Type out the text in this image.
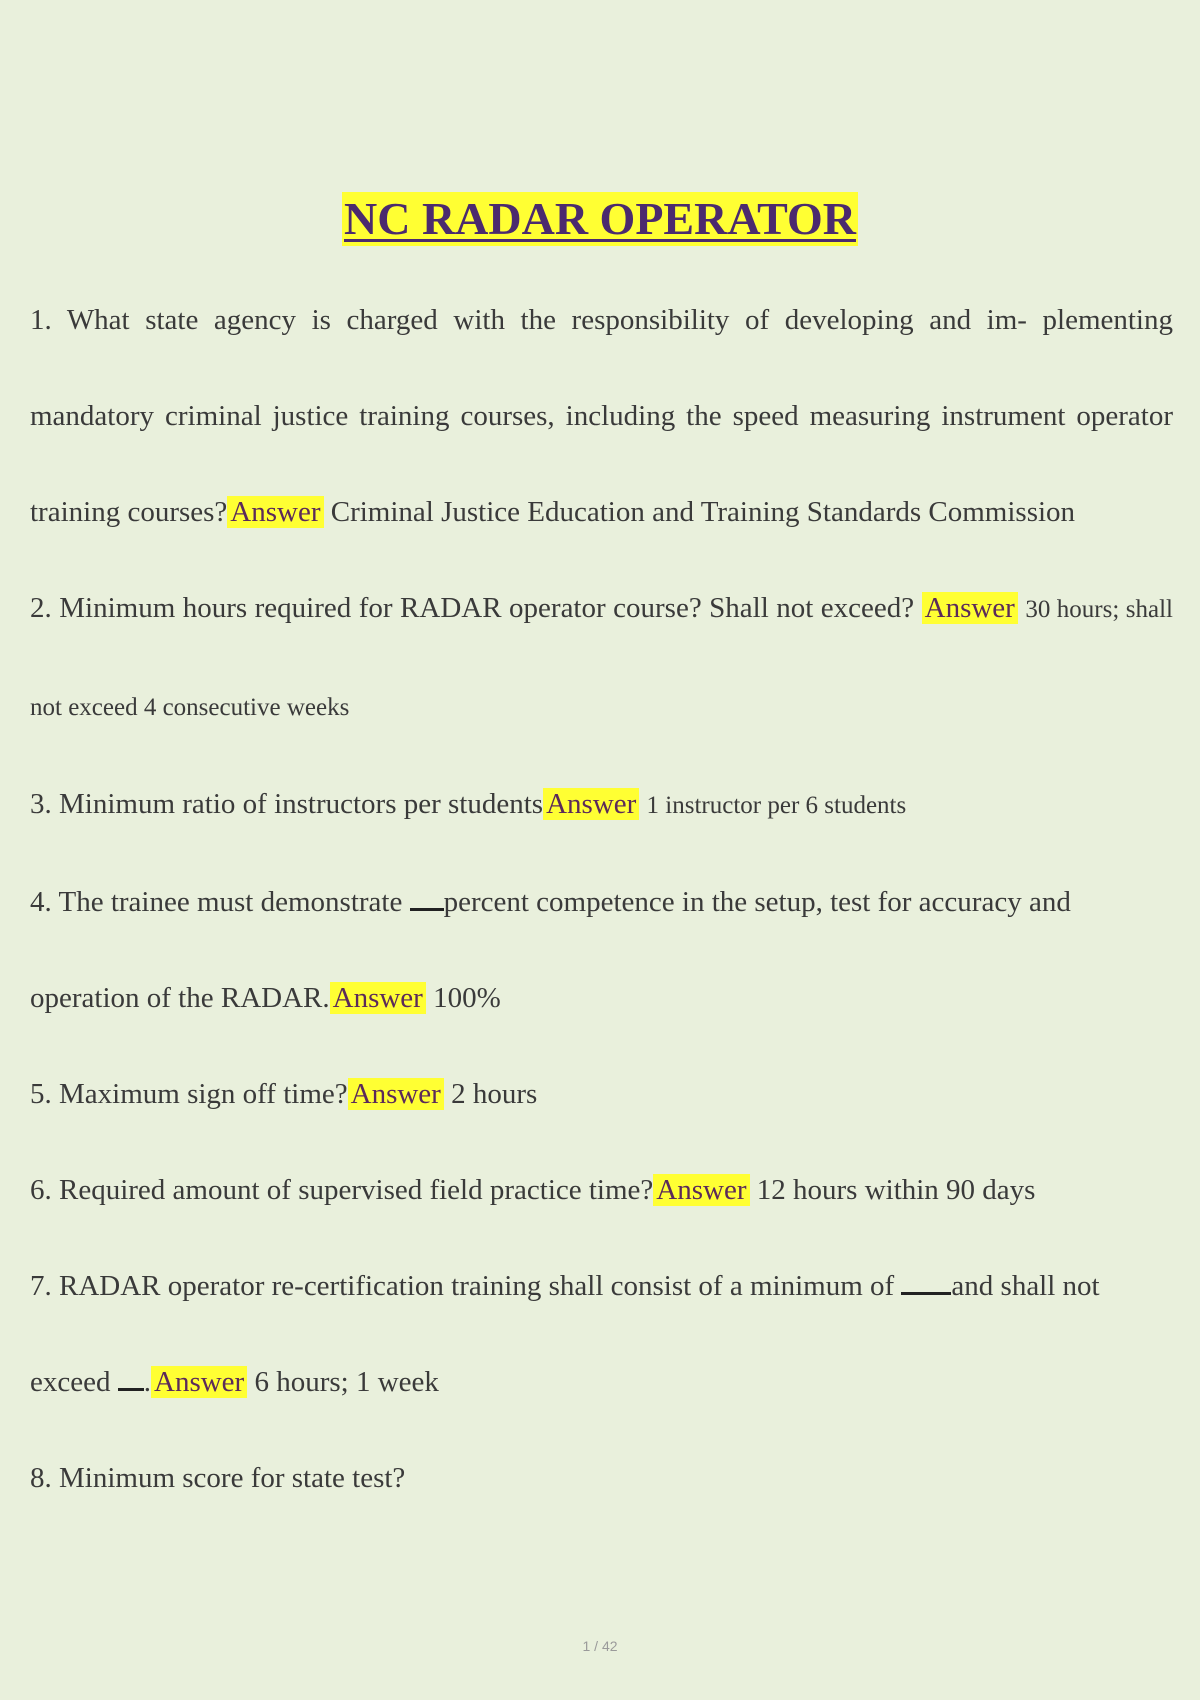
NC RADAR OPERATOR

1. What state agency is charged with the responsibility of developing and im- plementing mandatory criminal justice training courses, including the speed measuring instrument operator training courses? Answer Criminal Justice Education and Training Standards Commission

2. Minimum hours required for RADAR operator course? Shall not exceed? Answer 30 hours; shall not exceed 4 consecutive weeks

3. Minimum ratio of instructors per students Answer 1 instructor per 6 students

4. The trainee must demonstrate percent competence in the setup, test for accuracy and operation of the RADAR. Answer 100%

5. Maximum sign off time? Answer 2 hours

6. Required amount of supervised field practice time? Answer 12 hours within 90 days

7. RADAR operator re-certification training shall consist of a minimum of and shall not exceed . Answer 6 hours; 1 week

8. Minimum score for state test?

1 / 42
